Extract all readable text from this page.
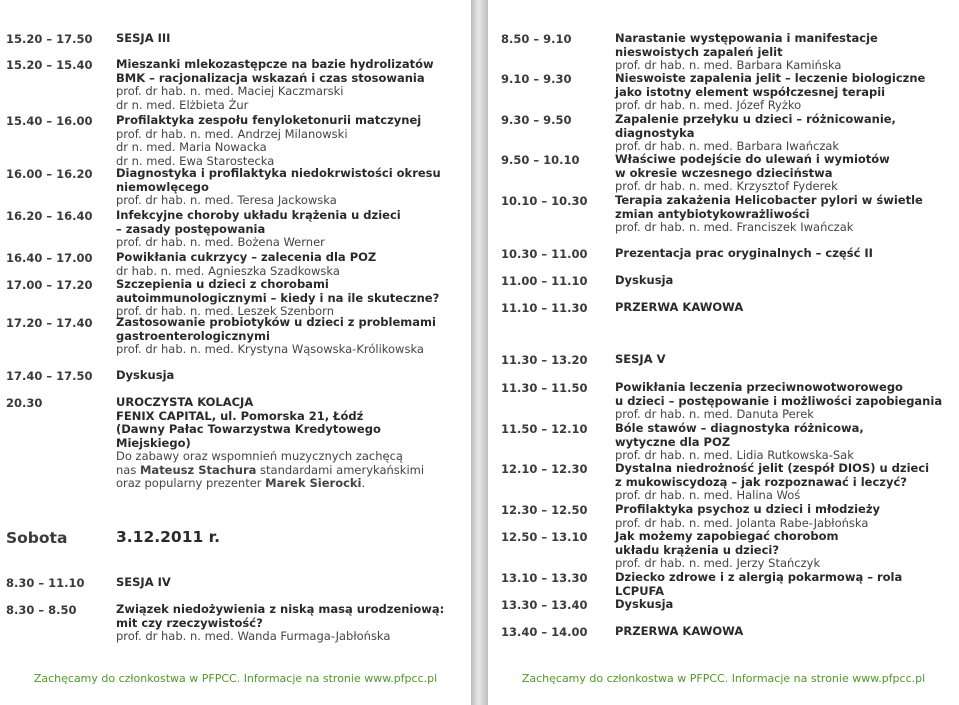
15.20 – 17.50 SESJA III
15.20 – 15.40 Mieszanki mlekozastępcze na bazie hydrolizatów
BMK – racjonalizacja wskazań i czas stosowania
prof. dr hab. n. med. Maciej Kaczmarski
dr n. med. Elżbieta Żur
15.40 – 16.00 Profilaktyka zespołu fenyloketonurii matczynej
prof. dr hab. n. med. Andrzej Milanowski
dr n. med. Maria Nowacka
dr n. med. Ewa Starostecka
16.00 – 16.20 Diagnostyka i profilaktyka niedokrwistości okresu
niemowlęcego
prof. dr hab. n. med. Teresa Jackowska
16.20 – 16.40 Infekcyjne choroby układu krążenia u dzieci
– zasady postępowania
prof. dr hab. n. med. Bożena Werner
16.40 – 17.00 Powikłania cukrzycy – zalecenia dla POZ
dr hab. n. med. Agnieszka Szadkowska
17.00 – 17.20 Szczepienia u dzieci z chorobami
autoimmunologicznymi – kiedy i na ile skuteczne?
prof. dr hab. n. med. Leszek Szenborn
17.20 – 17.40 Zastosowanie probiotyków u dzieci z problemami
gastroenterologicznymi
prof. dr hab. n. med. Krystyna Wąsowska-Królikowska
17.40 – 17.50 Dyskusja
20.30	UROCZYSTA KOLACJA
FENIX CAPITAL, ul. Pomorska 21, Łódź
(Dawny Pałac Towarzystwa Kredytowego
Miejskiego)
Do zabawy oraz wspomnień muzycznych zachęcą
nas Mateusz Stachura standardami amerykańskimi
oraz popularny prezenter Marek Sierocki.
Sobota	3.12.2011 r.
8.30 – 11.10	SESJA IV
8.30 – 8.50	Związek niedożywienia z niską masą urodzeniową:
mit czy rzeczywistość?
prof. dr hab. n. med. Wanda Furmaga-Jabłońska
Zachęcamy do członkostwa w PFPCC. Informacje na stronie www.pfpcc.pl
8.50 – 9.10	Narastanie występowania i manifestacje
nieswoistych zapaleń jelit
prof. dr hab. n. med. Barbara Kamińska
9.10 – 9.30	Nieswoiste zapalenia jelit – leczenie biologiczne
jako istotny element współczesnej terapii
prof. dr hab. n. med. Józef Ryżko
9.30 – 9.50	Zapalenie przełyku u dzieci – różnicowanie,
diagnostyka
prof. dr hab. n. med. Barbara Iwańczak
9.50 – 10.10	Właściwe podejście do ulewań i wymiotów
w okresie wczesnego dzieciństwa
prof. dr hab. n. med. Krzysztof Fyderek
10.10 – 10.30 Terapia zakażenia Helicobacter pylori w świetle
zmian antybiotykowrażliwości
prof. dr hab. n. med. Franciszek Iwańczak
10.30 – 11.00 Prezentacja prac oryginalnych – część II
11.00 – 11.10 Dyskusja
11.10 – 11.30 PRZERWA KAWOWA
11.30 – 13.20 SESJA V
11.30 – 11.50 Powikłania leczenia przeciwnowotworowego
u dzieci – postępowanie i możliwości zapobiegania
prof. dr hab. n. med. Danuta Perek
11.50 – 12.10 Bóle stawów – diagnostyka różnicowa,
wytyczne dla POZ
prof. dr hab. n. med. Lidia Rutkowska-Sak
12.10 – 12.30 Dystalna niedrożność jelit (zespół DIOS) u dzieci
z mukowiscydozą – jak rozpoznawać i leczyć?
prof. dr hab. n. med. Halina Woś
12.30 – 12.50 Profilaktyka psychoz u dzieci i młodzieży
prof. dr hab. n. med. Jolanta Rabe-Jabłońska
12.50 – 13.10 Jak możemy zapobiegać chorobom
układu krążenia u dzieci?
prof. dr hab. n. med. Jerzy Stańczyk
13.10 – 13.30 Dziecko zdrowe i z alergią pokarmową – rola LCPUFA
13.30 – 13.40 Dyskusja
13.40 – 14.00 PRZERWA KAWOWA
Zachęcamy do członkostwa w PFPCC. Informacje na stronie www.pfpcc.pl
